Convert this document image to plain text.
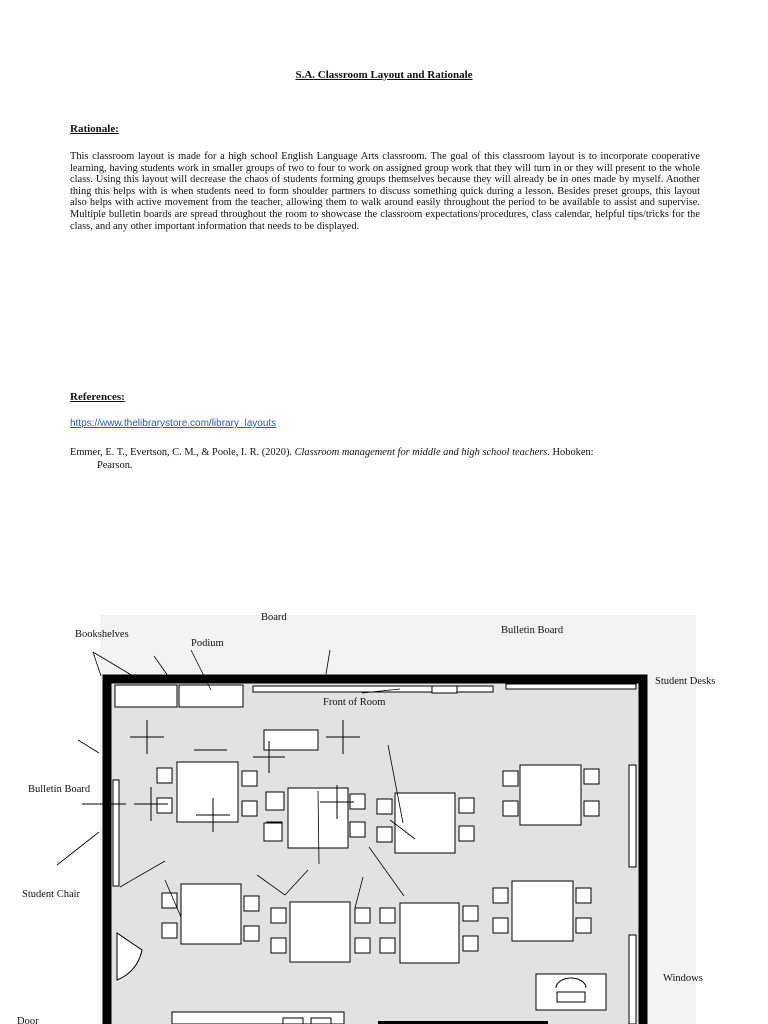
S.A. Classroom Layout and Rationale
Rationale:
This classroom layout is made for a high school English Language Arts classroom. The goal of this classroom layout is to incorporate cooperative learning, having students work in smaller groups of two to four to work on assigned group work that they will turn in or they will present to the whole class. Using this layout will decrease the chaos of students forming groups themselves because they will already be in ones made by myself. Another thing this helps with is when students need to form shoulder partners to discuss something quick during a lesson. Besides preset groups, this layout also helps with active movement from the teacher, allowing them to walk around easily throughout the period to be available to assist and supervise. Multiple bulletin boards are spread throughout the room to showcase the classroom expectations/procedures, class calendar, helpful tips/tricks for the class, and any other important information that needs to be displayed.
References:
https://www.thelibrarystore.com/library_layouts
Emmer, E. T., Evertson, C. M., & Poole, I. R. (2020). Classroom management for middle and high school teachers. Hoboken:
Pearson.
Board
Bookshelves
Podium
Bulletin Board
Student Desks
Front of Room
Bulletin Board
Student Chair
Windows
Door
